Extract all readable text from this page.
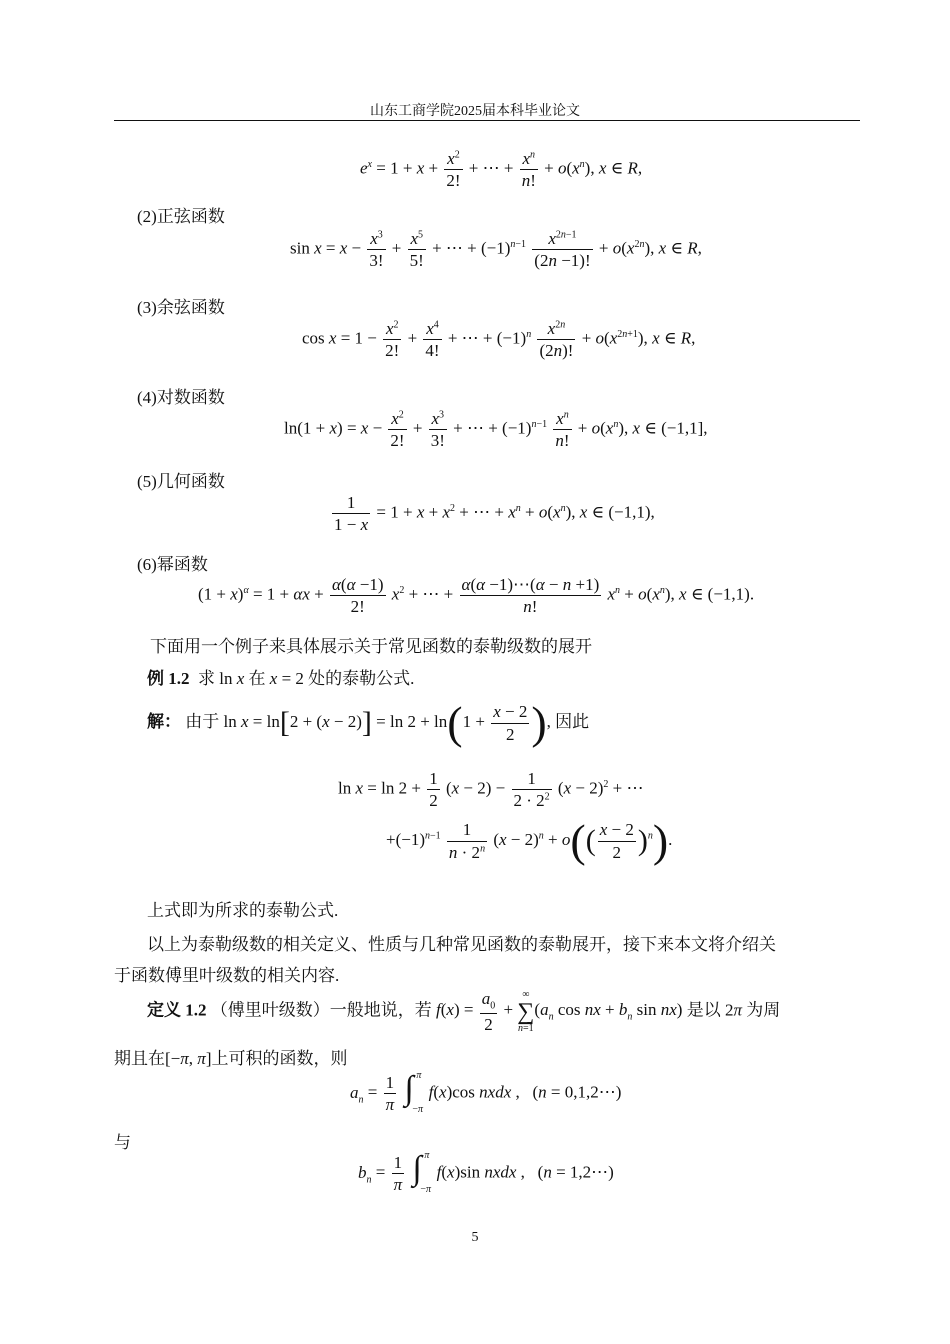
山东工商学院2025届本科毕业论文
$e^x = 1 + x + \frac{x^2}{2!}$ + ⋯ + $\frac{x^n}{n!} + o(x^n)$, x ∈ R,
(2)正弦函数
$\sin x = x - \frac{x^3}{3!} + \frac{x^5}{5!}$ + ⋯ + $(-1)^{n-1} \frac{x^{2n-1}}{(2n -1)!} + o(x^{2n})$, x ∈ R,
(3)余弦函数
$\cos x = 1 - \frac{x^2}{2!} + \frac{x^4}{4!}$ + ⋯ + $(-1)^n \frac{x^{2n}}{(2n)!} + o(x^{2n+1})$, x ∈ R,
(4)对数函数
$\ln(1 + x) = x - \frac{x^2}{2!} + \frac{x^3}{3!}$ + ⋯ + $(-1)^{n-1} \frac{x^n}{n!} + o(x^n)$, x ∈ (−1,1],
(5)几何函数
$\frac{1}{1 - x} = 1 + x + x^2$ + ⋯ + $x^n + o(x^n)$, x ∈ (−1,1),
(6)幂函数
$(1 + x)^\alpha = 1 + \alpha x + \frac{\alpha(\alpha -1)}{2!} x^2$ + ⋯ + $\frac{\alpha(\alpha -1)\cdots(\alpha - n +1)}{n!} x^n + o(x^n)$, x ∈ (−1,1).
下面用一个例子来具体展示关于常见函数的泰勒级数的展开
例 1.2 求 ln x 在 x = 2 处的泰勒公式.
解： 由于 $\ln x = \ln[2 + (x - 2)] = \ln 2 + \ln(1 + \frac{x - 2}{2}$ ), 因此
$\ln x = \ln 2 + \frac{1}{2} (x - 2) - \frac{1}{2 \cdot 2^2} (x - 2)^2$ + ⋯
$+(-1)^{n-1} \frac{1}{n \cdot 2^n} (x - 2)^n + o(( \frac{x - 2}{2} )^n)$.
上式即为所求的泰勒公式.
以上为泰勒级数的相关定义、性质与几种常见函数的泰勒展开，接下来本文将介绍关
于函数傅里叶级数的相关内容.
定义 1.2 （傅里叶级数）一般地说，若 $f(x) = \frac{a_0}{2}$ +
∞
∑
n=1
($a_n$ cos nx + $b_n$ sin nx) 是以 2π 为周
期且在[−π, π]上可积的函数，则
$a_n = \frac{1}{\pi}$
∫ π
−π
f(x)cos nxdx ,   (n = 0,1,2⋯)
与
$b_n = \frac{1}{\pi}$
∫ π
−π
f(x)sin nxdx ,   (n = 1,2⋯)
5
